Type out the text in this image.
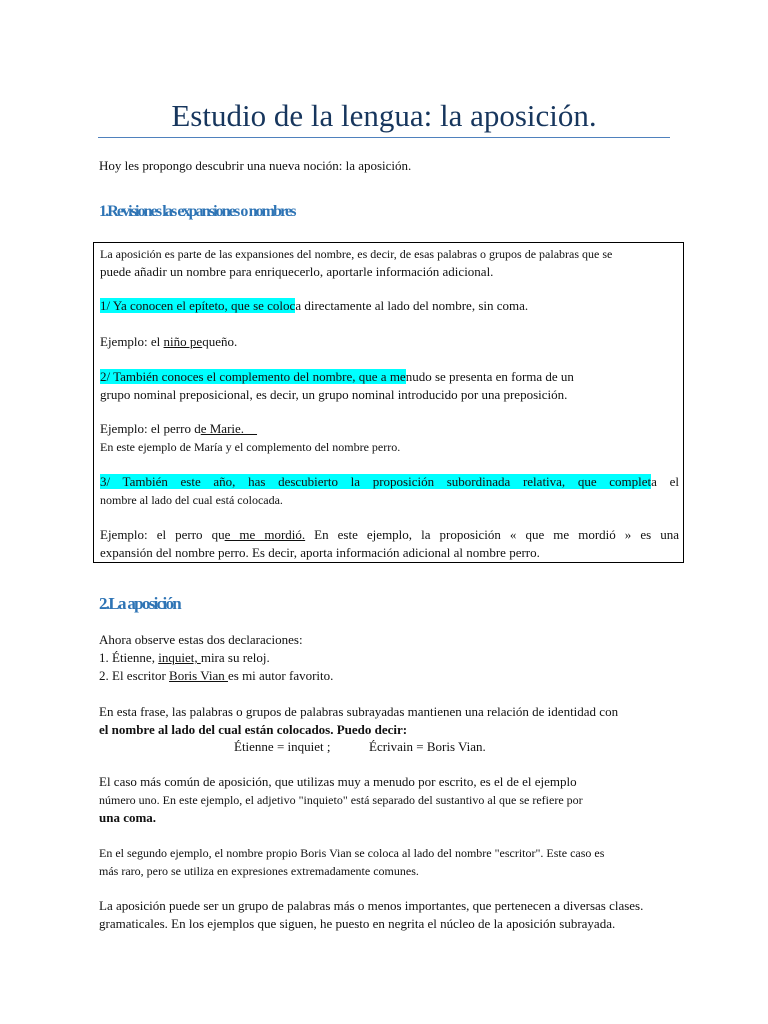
Estudio de la lengua: la aposición.

Hoy les propongo descubrir una nueva noción: la aposición.

1.Revisiones las expansiones o nombres

La aposición es parte de las expansiones del nombre, es decir, de esas palabras o grupos de palabras que se

puede añadir un nombre para enriquecerlo, aportarle información adicional.

1/ Ya conocen el epíteto, que se coloca directamente al lado del nombre, sin coma.

Ejemplo: el niño pequeño.

2/ También conoces el complemento del nombre, que a menudo se presenta en forma de un

grupo nominal preposicional, es decir, un grupo nominal introducido por una preposición.

Ejemplo: el perro de Marie.

En este ejemplo de María y el complemento del nombre perro.

3/ También este año, has descubierto la proposición subordinada relativa, que completa el

nombre al lado del cual está colocada.

Ejemplo: el perro que me mordió. En este ejemplo, la proposición « que me mordió » es una

expansión del nombre perro. Es decir, aporta información adicional al nombre perro.

2.La aposición

Ahora observe estas dos declaraciones:

1. Étienne, inquiet, mira su reloj.

2. El escritor Boris Vian es mi autor favorito.

En esta frase, las palabras o grupos de palabras subrayadas mantienen una relación de identidad con

el nombre al lado del cual están colocados. Puedo decir:

Étienne = inquiet ;	Écrivain = Boris Vian.

El caso más común de aposición, que utilizas muy a menudo por escrito, es el de el ejemplo

número uno. En este ejemplo, el adjetivo "inquieto" está separado del sustantivo al que se refiere por

una coma.

En el segundo ejemplo, el nombre propio Boris Vian se coloca al lado del nombre "escritor". Este caso es

más raro, pero se utiliza en expresiones extremadamente comunes.

La aposición puede ser un grupo de palabras más o menos importantes, que pertenecen a diversas clases.

gramaticales. En los ejemplos que siguen, he puesto en negrita el núcleo de la aposición subrayada.
